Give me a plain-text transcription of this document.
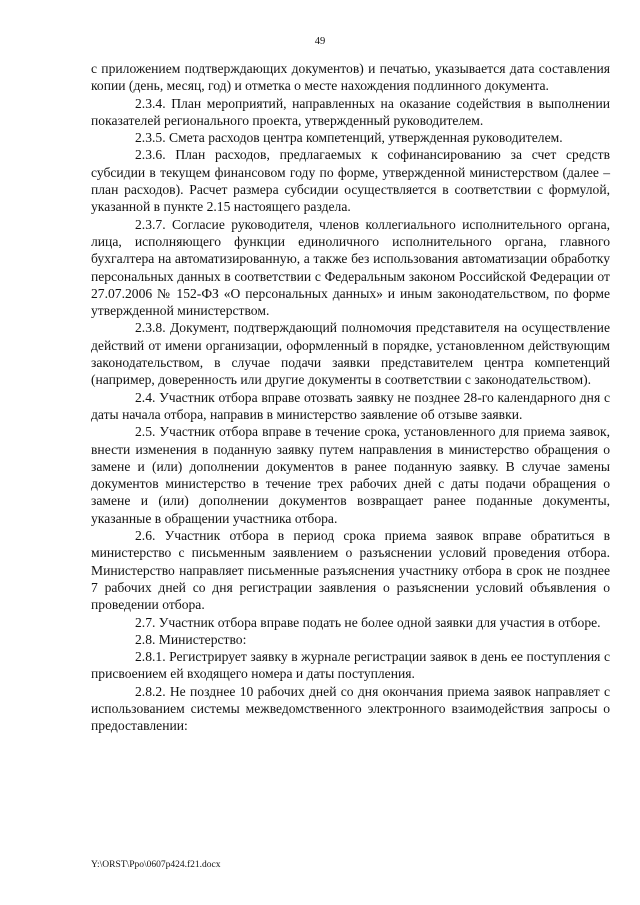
49

с приложением подтверждающих документов) и печатью, указывается дата составления копии (день, месяц, год) и отметка о месте нахождения подлинного документа.

2.3.4. План мероприятий, направленных на оказание содействия в выполнении показателей регионального проекта, утвержденный руководителем.

2.3.5. Смета расходов центра компетенций, утвержденная руководителем.

2.3.6. План расходов, предлагаемых к софинансированию за счет средств субсидии в текущем финансовом году по форме, утвержденной министерством (далее – план расходов). Расчет размера субсидии осуществляется в соответствии с формулой, указанной в пункте 2.15 настоящего раздела.

2.3.7. Согласие руководителя, членов коллегиального исполнительного органа, лица, исполняющего функции единоличного исполнительного органа, главного бухгалтера на автоматизированную, а также без использования автоматизации обработку персональных данных в соответствии с Федеральным законом Российской Федерации от 27.07.2006 № 152-ФЗ «О персональных данных» и иным законодательством, по форме утвержденной министерством.

2.3.8. Документ, подтверждающий полномочия представителя на осуществление действий от имени организации, оформленный в порядке, установленном действующим законодательством, в случае подачи заявки представителем центра компетенций (например, доверенность или другие документы в соответствии с законодательством).

2.4. Участник отбора вправе отозвать заявку не позднее 28-го календарного дня с даты начала отбора, направив в министерство заявление об отзыве заявки.

2.5. Участник отбора вправе в течение срока, установленного для приема заявок, внести изменения в поданную заявку путем направления в министерство обращения о замене и (или) дополнении документов в ранее поданную заявку. В случае замены документов министерство в течение трех рабочих дней с даты подачи обращения о замене и (или) дополнении документов возвращает ранее поданные документы, указанные в обращении участника отбора.

2.6. Участник отбора в период срока приема заявок вправе обратиться в министерство с письменным заявлением о разъяснении условий проведения отбора. Министерство направляет письменные разъяснения участнику отбора в срок не позднее 7 рабочих дней со дня регистрации заявления о разъяснении условий объявления о проведении отбора.

2.7. Участник отбора вправе подать не более одной заявки для участия в отборе.

2.8. Министерство:

2.8.1. Регистрирует заявку в журнале регистрации заявок в день ее поступления с присвоением ей входящего номера и даты поступления.

2.8.2. Не позднее 10 рабочих дней со дня окончания приема заявок направляет с использованием системы межведомственного электронного взаимодействия запросы о предоставлении:

Y:\ORST\Ppo\0607p424.f21.docx
